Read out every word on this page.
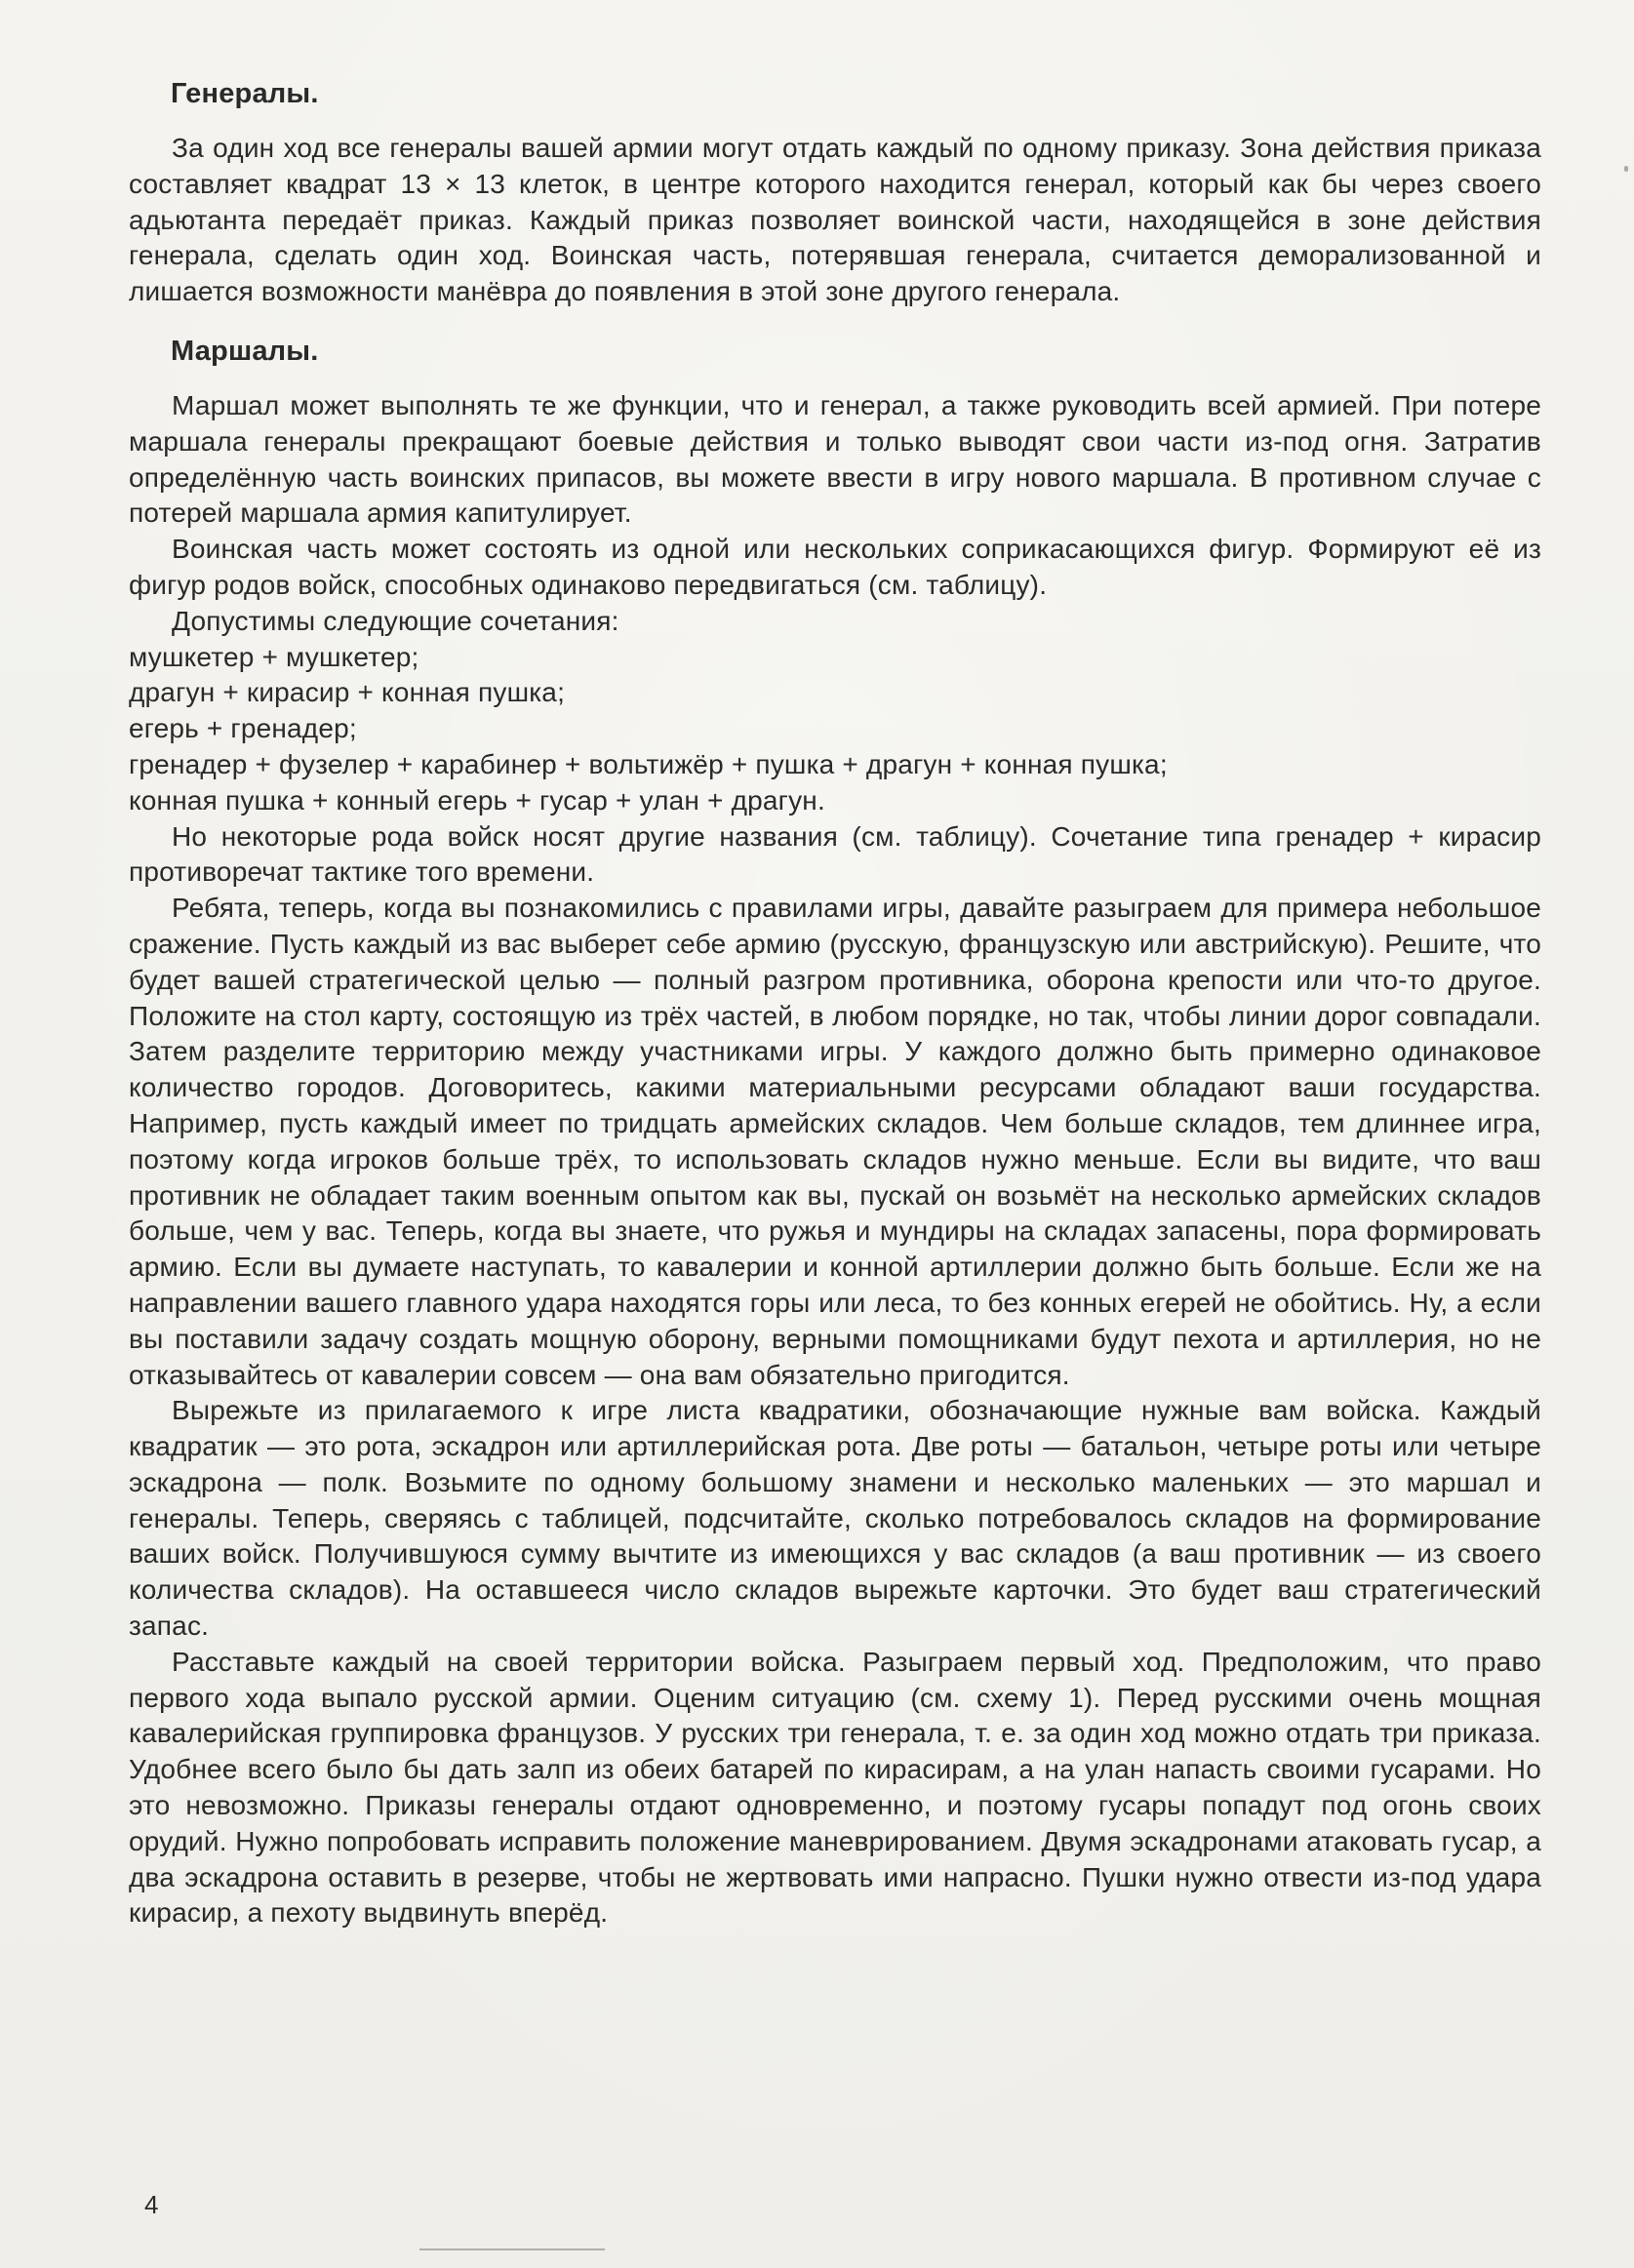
Генералы.

За один ход все генералы вашей армии могут отдать каждый по одному приказу. Зона действия приказа составляет квадрат 13 × 13 клеток, в центре которого находится генерал, который как бы через своего адьютанта передаёт приказ. Каждый приказ позволяет воинской части, находящейся в зоне действия генерала, сделать один ход. Воинская часть, потерявшая генерала, считается деморализованной и лишается возможности манёвра до появления в этой зоне другого генерала.

Маршалы.

Маршал может выполнять те же функции, что и генерал, а также руководить всей армией. При потере маршала генералы прекращают боевые действия и только выводят свои части из-под огня. Затратив определённую часть воинских припасов, вы можете ввести в игру нового маршала. В противном случае с потерей маршала армия капитулирует.

Воинская часть может состоять из одной или нескольких соприкасающихся фигур. Формируют её из фигур родов войск, способных одинаково передвигаться (см. таблицу).

Допустимы следующие сочетания:

мушкетер + мушкетер;
драгун + кирасир + конная пушка;
егерь + гренадер;
гренадер + фузелер + карабинер + вольтижёр + пушка + драгун + конная пушка;
конная пушка + конный егерь + гусар + улан + драгун.

Но некоторые рода войск носят другие названия (см. таблицу). Сочетание типа гренадер + кирасир противоречат тактике того времени.

Ребята, теперь, когда вы познакомились с правилами игры, давайте разыграем для примера небольшое сражение. Пусть каждый из вас выберет себе армию (русскую, французскую или австрийскую). Решите, что будет вашей стратегической целью — полный разгром противника, оборона крепости или что-то другое. Положите на стол карту, состоящую из трёх частей, в любом порядке, но так, чтобы линии дорог совпадали. Затем разделите территорию между участниками игры. У каждого должно быть примерно одинаковое количество городов. Договоритесь, какими материальными ресурсами обладают ваши государства. Например, пусть каждый имеет по тридцать армейских складов. Чем больше складов, тем длиннее игра, поэтому когда игроков больше трёх, то использовать складов нужно меньше. Если вы видите, что ваш противник не обладает таким военным опытом как вы, пускай он возьмёт на несколько армейских складов больше, чем у вас. Теперь, когда вы знаете, что ружья и мундиры на складах запасены, пора формировать армию. Если вы думаете наступать, то кавалерии и конной артиллерии должно быть больше. Если же на направлении вашего главного удара находятся горы или леса, то без конных егерей не обойтись. Ну, а если вы поставили задачу создать мощную оборону, верными помощниками будут пехота и артиллерия, но не отказывайтесь от кавалерии совсем — она вам обязательно пригодится.

Вырежьте из прилагаемого к игре листа квадратики, обозначающие нужные вам войска. Каждый квадратик — это рота, эскадрон или артиллерийская рота. Две роты — батальон, четыре роты или четыре эскадрона — полк. Возьмите по одному большому знамени и несколько маленьких — это маршал и генералы. Теперь, сверяясь с таблицей, подсчитайте, сколько потребовалось складов на формирование ваших войск. Получившуюся сумму вычтите из имеющихся у вас складов (а ваш противник — из своего количества складов). На оставшееся число складов вырежьте карточки. Это будет ваш стратегический запас.

Расставьте каждый на своей территории войска. Разыграем первый ход. Предположим, что право первого хода выпало русской армии. Оценим ситуацию (см. схему 1). Перед русскими очень мощная кавалерийская группировка французов. У русских три генерала, т. е. за один ход можно отдать три приказа. Удобнее всего было бы дать залп из обеих батарей по кирасирам, а на улан напасть своими гусарами. Но это невозможно. Приказы генералы отдают одновременно, и поэтому гусары попадут под огонь своих орудий. Нужно попробовать исправить положение маневрированием. Двумя эскадронами атаковать гусар, а два эскадрона оставить в резерве, чтобы не жертвовать ими напрасно. Пушки нужно отвести из-под удара кирасир, а пехоту выдвинуть вперёд.

4
